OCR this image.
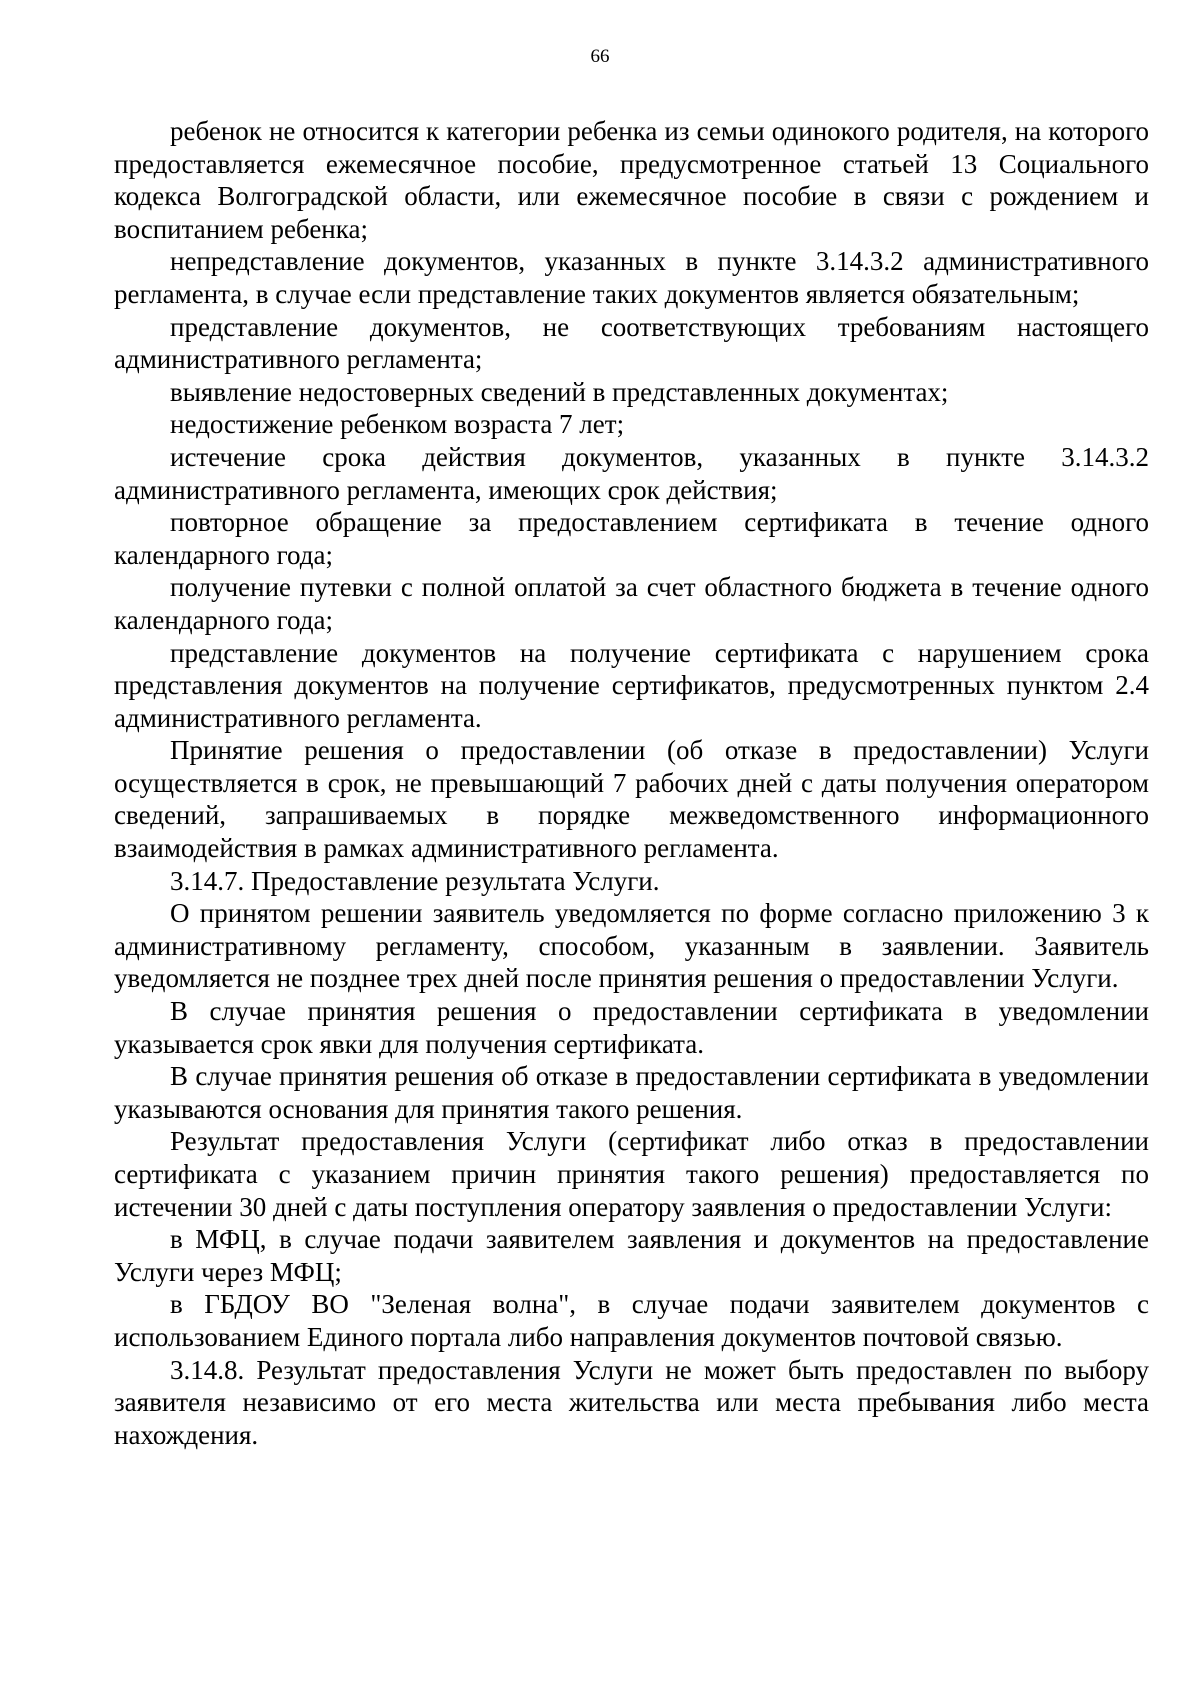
66

ребенок не относится к категории ребенка из семьи одинокого родителя, на которого предоставляется ежемесячное пособие, предусмотренное статьей 13 Социального кодекса Волгоградской области, или ежемесячное пособие в связи с рождением и воспитанием ребенка;

непредставление документов, указанных в пункте 3.14.3.2 административного регламента, в случае если представление таких документов является обязательным;

представление документов, не соответствующих требованиям настоящего административного регламента;

выявление недостоверных сведений в представленных документах;

недостижение ребенком возраста 7 лет;

истечение срока действия документов, указанных в пункте 3.14.3.2 административного регламента, имеющих срок действия;

повторное обращение за предоставлением сертификата в течение одного календарного года;

получение путевки с полной оплатой за счет областного бюджета в течение одного календарного года;

представление документов на получение сертификата с нарушением срока представления документов на получение сертификатов, предусмотренных пунктом 2.4 административного регламента.

Принятие решения о предоставлении (об отказе в предоставлении) Услуги осуществляется в срок, не превышающий 7 рабочих дней с даты получения оператором сведений, запрашиваемых в порядке межведомственного информационного взаимодействия в рамках административного регламента.

3.14.7. Предоставление результата Услуги.

О принятом решении заявитель уведомляется по форме согласно приложению 3 к административному регламенту, способом, указанным в заявлении. Заявитель уведомляется не позднее трех дней после принятия решения о предоставлении Услуги.

В случае принятия решения о предоставлении сертификата в уведомлении указывается срок явки для получения сертификата.

В случае принятия решения об отказе в предоставлении сертификата в уведомлении указываются основания для принятия такого решения.

Результат предоставления Услуги (сертификат либо отказ в предоставлении сертификата с указанием причин принятия такого решения) предоставляется по истечении 30 дней с даты поступления оператору заявления о предоставлении Услуги:

в МФЦ, в случае подачи заявителем заявления и документов на предоставление Услуги через МФЦ;

в ГБДОУ ВО "Зеленая волна", в случае подачи заявителем документов с использованием Единого портала либо направления документов почтовой связью.

3.14.8. Результат предоставления Услуги не может быть предоставлен по выбору заявителя независимо от его места жительства или места пребывания либо места нахождения.
